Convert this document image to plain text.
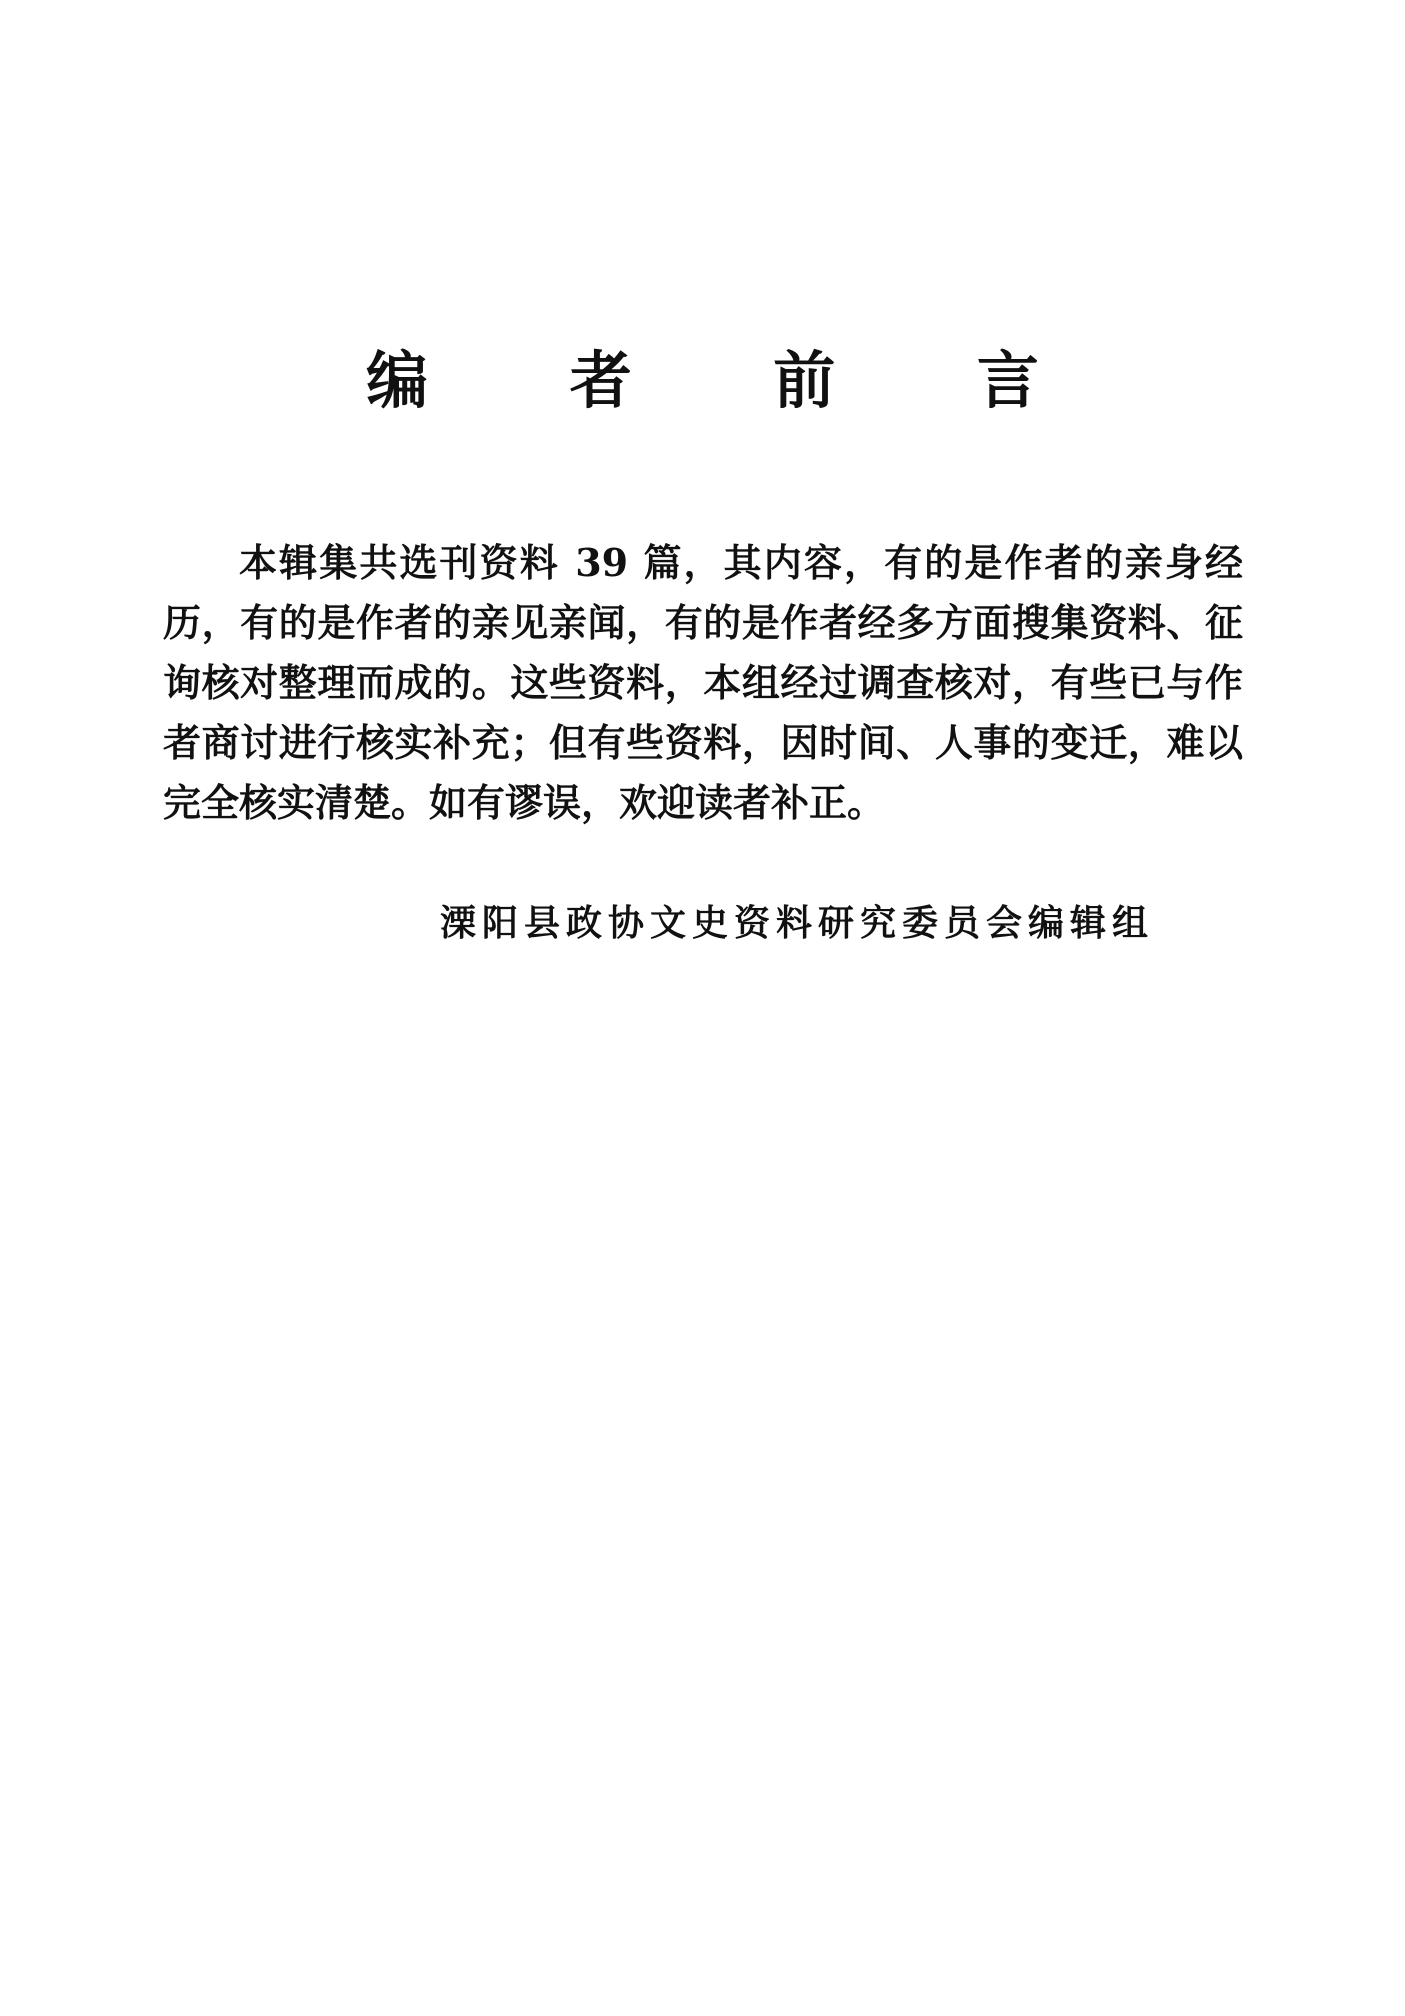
编 者 前 言
本辑集共选刊资料 39 篇，其内容，有的是作者的亲身经历，有的是作者的亲见亲闻，有的是作者经多方面搜集资料、征询核对整理而成的。这些资料，本组经过调查核对，有些已与作者商讨进行核实补充；但有些资料，因时间、人事的变迁，难以完全核实清楚。如有谬误，欢迎读者补正。
溧阳县政协文史资料研究委员会编辑组
